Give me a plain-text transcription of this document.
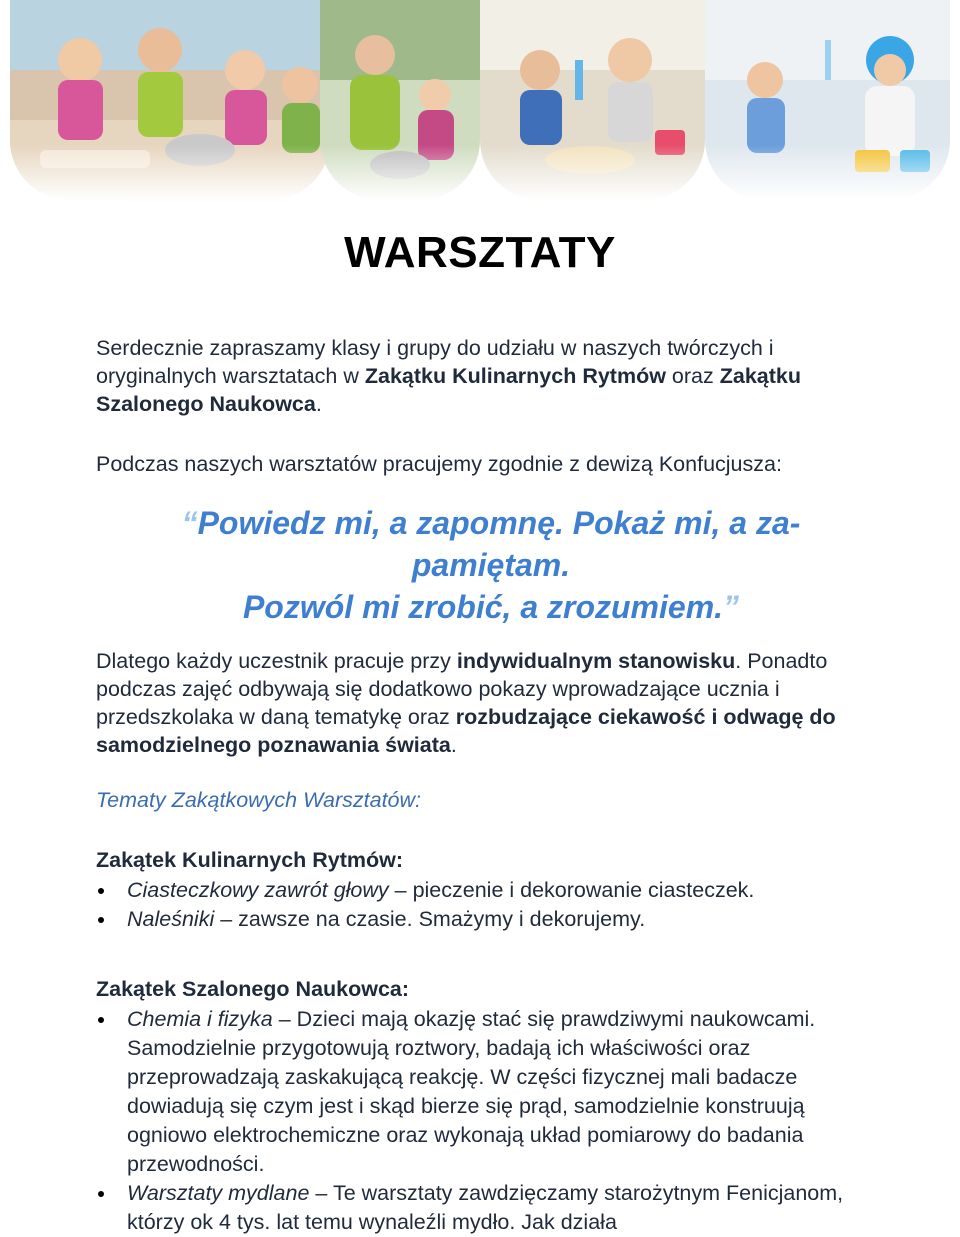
WARSZTATY
Serdecznie zapraszamy klasy i grupy do udziału w naszych twórczych i oryginalnych warsztatach w Zakątku Kulinarnych Rytmów oraz Zakątku Szalonego Naukowca.
Podczas naszych warsztatów pracujemy zgodnie z dewizą Konfucjusza:
“Powiedz mi, a zapomnę. Pokaż mi, a za-
pamiętam.
Pozwól mi zrobić, a zrozumiem.”
Dlatego każdy uczestnik pracuje przy indywidualnym stanowisku. Ponadto podczas zajęć odbywają się dodatkowo pokazy wprowadzające ucznia i przedszkolaka w daną tematykę oraz rozbudzające ciekawość i odwagę do samodzielnego poznawania świata.
Tematy Zakątkowych Warsztatów:
Zakątek Kulinarnych Rytmów:
Ciasteczkowy zawrót głowy – pieczenie i dekorowanie ciasteczek.
Naleśniki – zawsze na czasie. Smażymy i dekorujemy.
Zakątek Szalonego Naukowca:
Chemia i fizyka – Dzieci mają okazję stać się prawdziwymi naukowcami. Samodzielnie przygotowują roztwory, badają ich właściwości oraz przeprowadzają zaskakującą reakcję. W części fizycznej mali badacze dowiadują się czym jest i skąd bierze się prąd, samodzielnie konstruują ogniowo elektrochemiczne oraz wykonają układ pomiarowy do badania przewodności.
Warsztaty mydlane – Te warsztaty zawdzięczamy starożytnym Fenicjanom, którzy ok 4 tys. lat temu wynaleźli mydło. Jak działa
